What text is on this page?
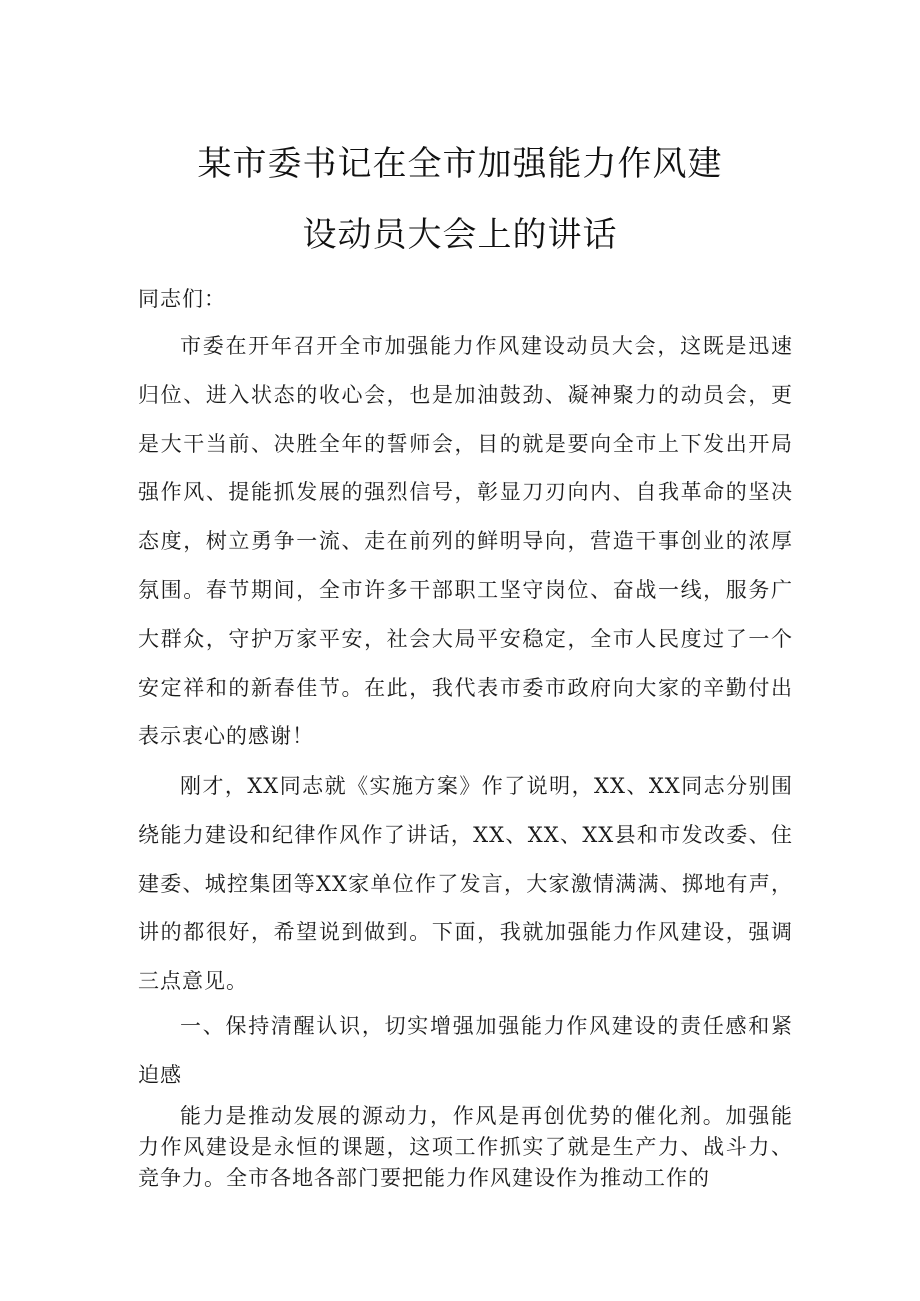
某市委书记在全市加强能力作风建
设动员大会上的讲话
同志们：

市委在开年召开全市加强能力作风建设动员大会，这既是迅速归位、进入状态的收心会，也是加油鼓劲、凝神聚力的动员会，更是大干当前、决胜全年的誓师会，目的就是要向全市上下发出开局强作风、提能抓发展的强烈信号，彰显刀刃向内、自我革命的坚决态度，树立勇争一流、走在前列的鲜明导向，营造干事创业的浓厚氛围。春节期间，全市许多干部职工坚守岗位、奋战一线，服务广大群众，守护万家平安，社会大局平安稳定，全市人民度过了一个安定祥和的新春佳节。在此，我代表市委市政府向大家的辛勤付出表示衷心的感谢！

刚才，XX同志就《实施方案》作了说明，XX、XX同志分别围绕能力建设和纪律作风作了讲话，XX、XX、XX县和市发改委、住建委、城控集团等XX家单位作了发言，大家激情满满、掷地有声，讲的都很好，希望说到做到。下面，我就加强能力作风建设，强调三点意见。

一、保持清醒认识，切实增强加强能力作风建设的责任感和紧迫感

能力是推动发展的源动力，作风是再创优势的催化剂。加强能力作风建设是永恒的课题，这项工作抓实了就是生产力、战斗力、竞争力。全市各地各部门要把能力作风建设作为推动工作的
